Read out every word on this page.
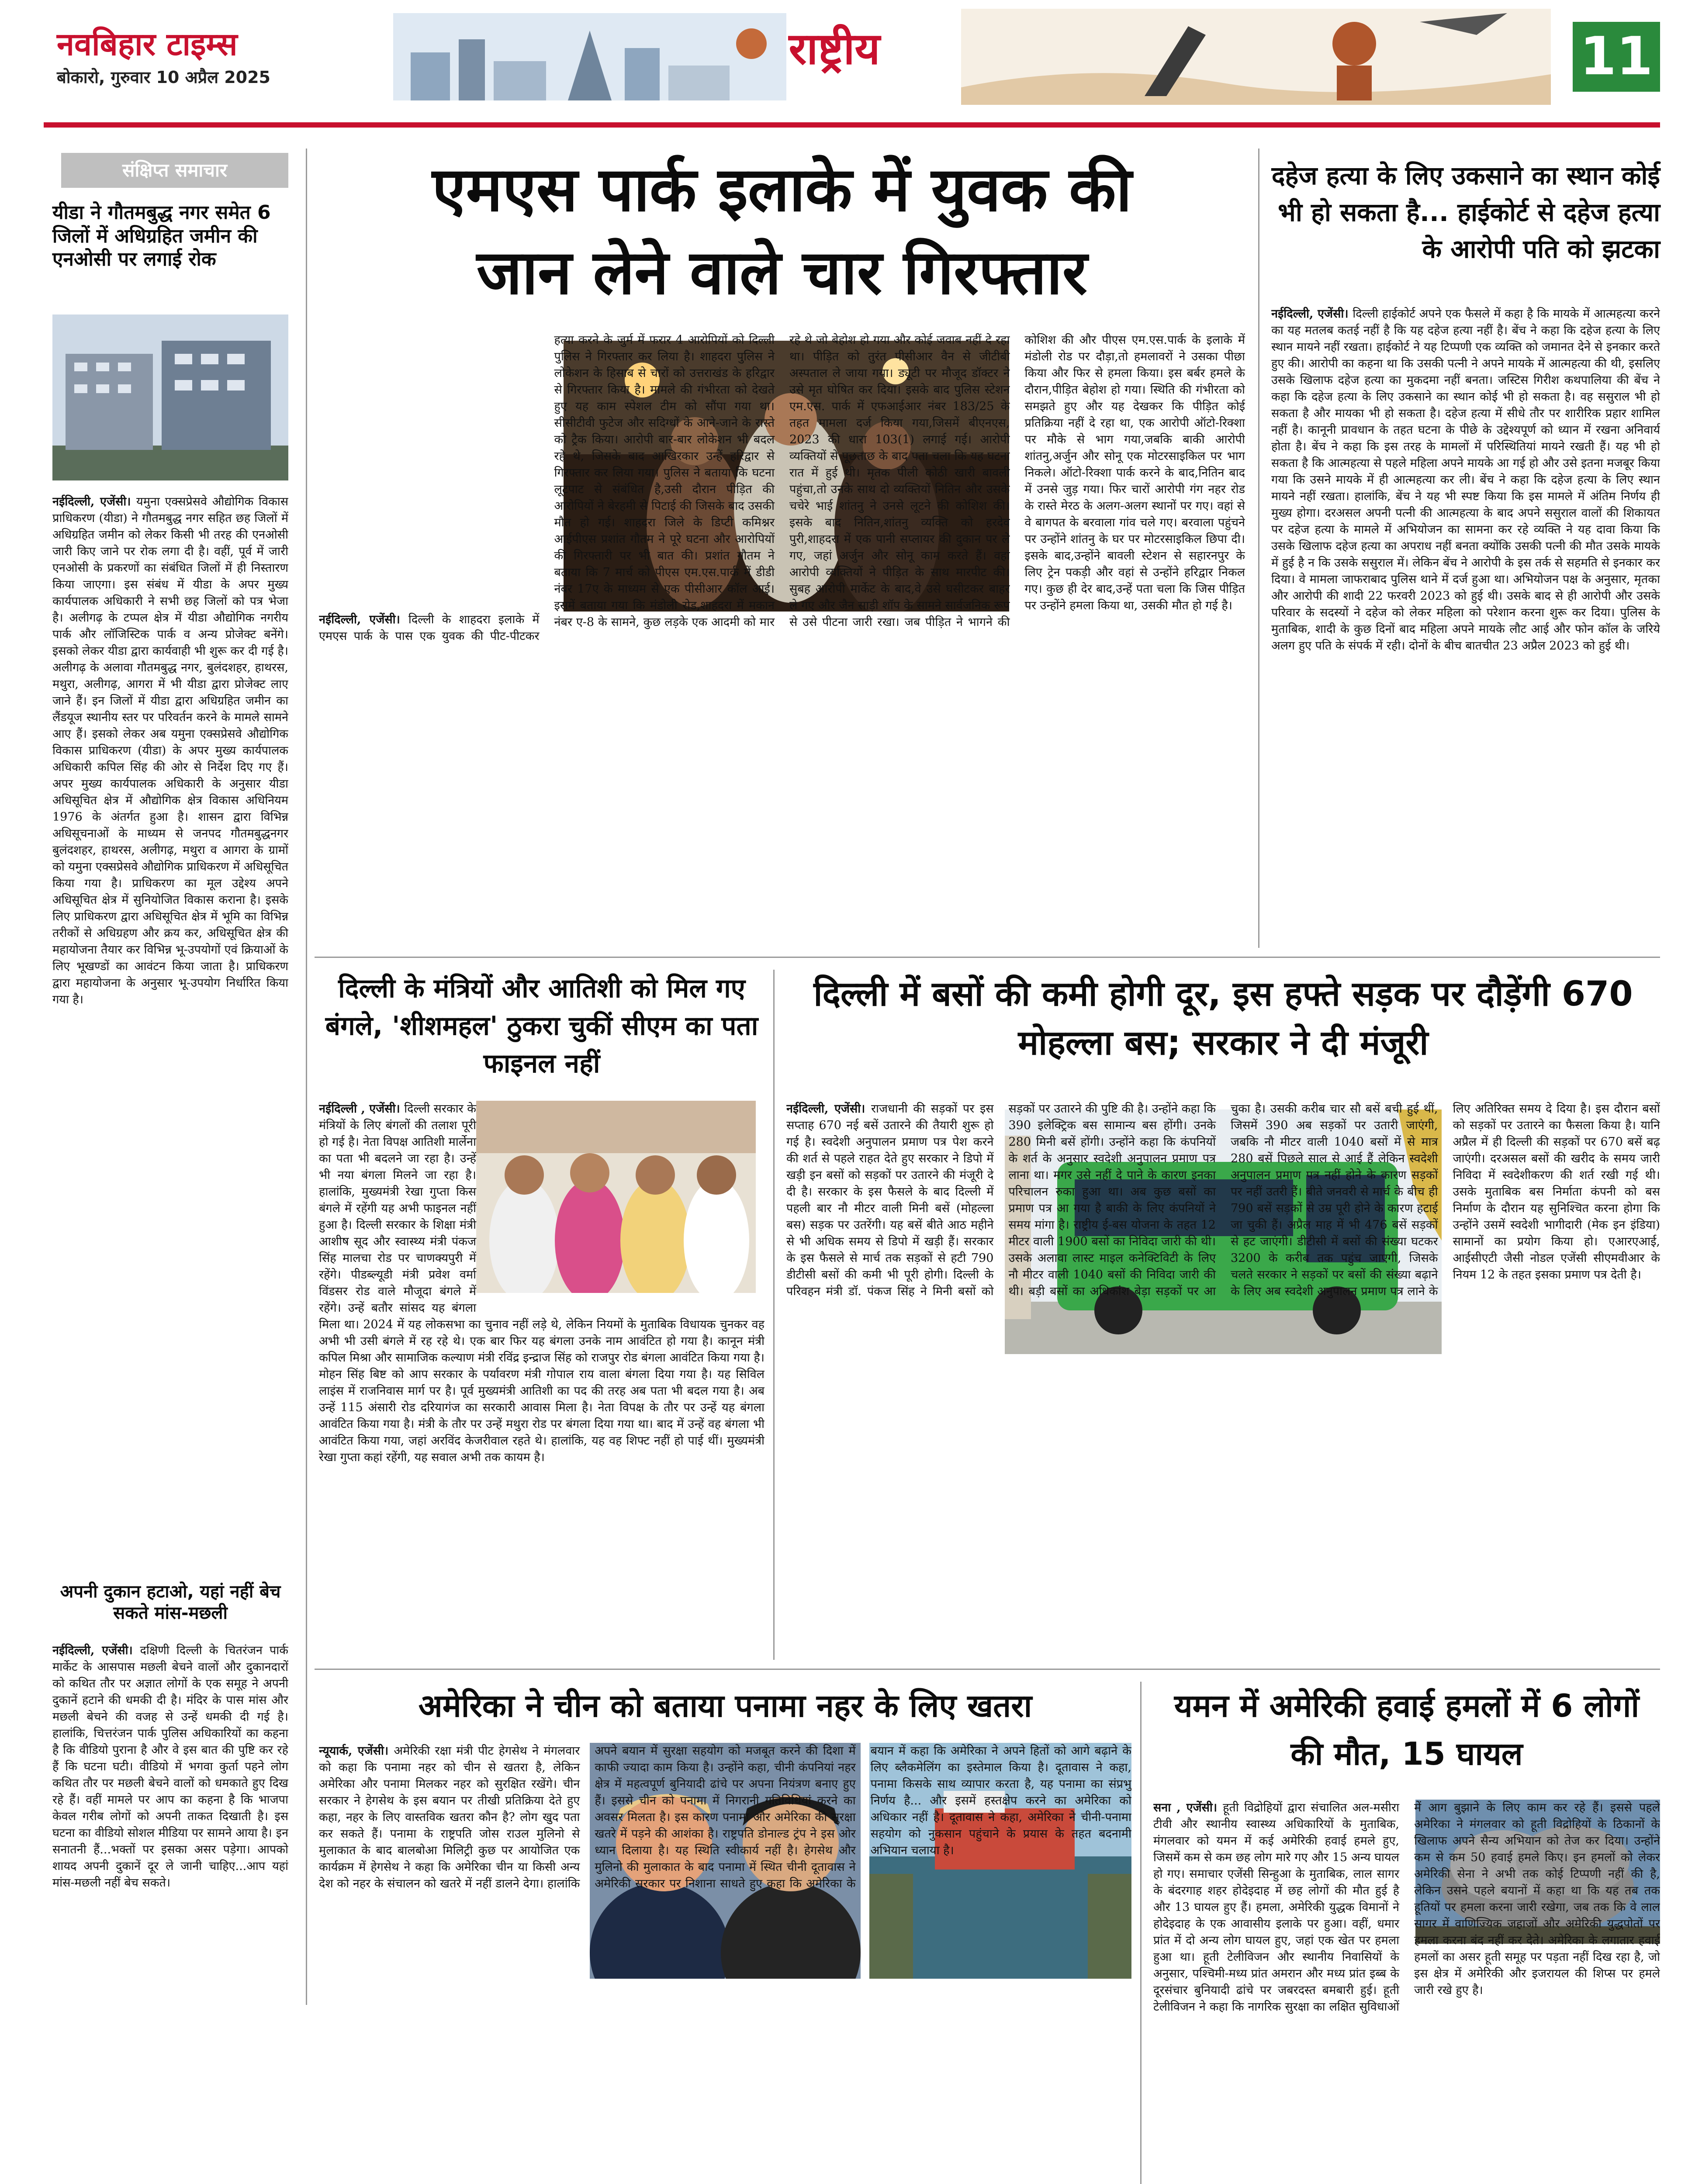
नवबिहार टाइम्स
बोकारो, गुरुवार 10 अप्रैल 2025
राष्ट्रीय	11
संक्षिप्त समाचार
यीडा ने गौतमबुद्ध नगर समेत 6 जिलों में अधिग्रहित जमीन की एनओसी पर लगाई रोक
नईदिल्ली, एजेंसी। यमुना एक्सप्रेसवे औद्योगिक विकास प्राधिकरण (यीडा) ने गौतमबुद्ध नगर सहित छह जिलों में अधिग्रहित जमीन को लेकर किसी भी तरह की एनओसी जारी किए जाने पर रोक लगा दी है। वहीं, पूर्व में जारी एनओसी के प्रकरणों का संबंधित जिलों में ही निस्तारण किया जाएगा। इस संबंध में यीडा के अपर मुख्य कार्यपालक अधिकारी ने सभी छह जिलों को पत्र भेजा है। अलीगढ़ के टप्पल क्षेत्र में यीडा औद्योगिक नगरीय पार्क और लॉजिस्टिक पार्क व अन्य प्रोजेक्ट बनेंगे। इसको लेकर यीडा द्वारा कार्यवाही भी शुरू कर दी गई है। अलीगढ़ के अलावा गौतमबुद्ध नगर, बुलंदशहर, हाथरस, मथुरा, अलीगढ़, आगरा में भी यीडा द्वारा प्रोजेक्ट लाए जाने हैं। इन जिलों में यीडा द्वारा अधिग्रहित जमीन का लैंडयूज स्थानीय स्तर पर परिवर्तन करने के मामले सामने आए हैं। इसको लेकर अब यमुना एक्सप्रेसवे औद्योगिक विकास प्राधिकरण (यीडा) के अपर मुख्य कार्यपालक अधिकारी कपिल सिंह की ओर से निर्देश दिए गए हैं। अपर मुख्य कार्यपालक अधिकारी के अनुसार यीडा अधिसूचित क्षेत्र में औद्योगिक क्षेत्र विकास अधिनियम 1976 के अंतर्गत हुआ है। शासन द्वारा विभिन्न अधिसूचनाओं के माध्यम से जनपद गौतमबुद्धनगर बुलंदशहर, हाथरस, अलीगढ़, मथुरा व आगरा के ग्रामों को यमुना एक्सप्रेसवे औद्योगिक प्राधिकरण में अधिसूचित किया गया है। प्राधिकरण का मूल उद्देश्य अपने अधिसूचित क्षेत्र में सुनियोजित विकास कराना है। इसके लिए प्राधिकरण द्वारा अधिसूचित क्षेत्र में भूमि का विभिन्न तरीकों से अधिग्रहण और क्रय कर, अधिसूचित क्षेत्र की महायोजना तैयार कर विभिन्न भू-उपयोगों एवं क्रियाओं के लिए भूखण्डों का आवंटन किया जाता है। प्राधिकरण द्वारा महायोजना के अनुसार भू-उपयोग निर्धारित किया गया है।
अपनी दुकान हटाओ, यहां नहीं बेच सकते मांस-मछली
नईदिल्ली, एजेंसी। दक्षिणी दिल्ली के चितरंजन पार्क मार्केट के आसपास मछली बेचने वालों और दुकानदारों को कथित तौर पर अज्ञात लोगों के एक समूह ने अपनी दुकानें हटाने की धमकी दी है। मंदिर के पास मांस और मछली बेचने की वजह से उन्हें धमकी दी गई है। हालांकि, चित्तरंजन पार्क पुलिस अधिकारियों का कहना है कि वीडियो पुराना है और वे इस बात की पुष्टि कर रहे हैं कि घटना घटी। वीडियो में भगवा कुर्ता पहने लोग कथित तौर पर मछली बेचने वालों को धमकाते हुए दिख रहे हैं। वहीं मामले पर आप का कहना है कि भाजपा केवल गरीब लोगों को अपनी ताकत दिखाती है। इस घटना का वीडियो सोशल मीडिया पर सामने आया है। इन सनातनी हैं...भक्तों पर इसका असर पड़ेगा। आपको शायद अपनी दुकानें दूर ले जानी चाहिए...आप यहां मांस-मछली नहीं बेच सकते।
एमएस पार्क इलाके में युवक की
जान लेने वाले चार गिरफ्तार
नईदिल्ली, एजेंसी। दिल्ली के शाहदरा इलाके में एमएस पार्क के पास एक युवक की पीट-पीटकर हत्या करने के जुर्म में फरार 4 आरोपियों को दिल्ली पुलिस ने गिरफ्तार कर लिया है। शाहदरा पुलिस ने लोकेशन के हिसाब से चारों को उत्तराखंड के हरिद्वार से गिरफ्तार किया है। मामले की गंभीरता को देखते हुए यह काम स्पेशल टीम को सौंपा गया था। सीसीटीवी फुटेज और सदिग्धों के आने-जाने के रास्ते को ट्रैक किया। आरोपी बार-बार लोकेशन भी बदल रहे थे, जिसके बाद आखिरकार उन्हें हरिद्वार से गिरफ्तार कर लिया गया। पुलिस ने बताया कि घटना लूटपाट से संबंधित है,उसी दौरान पीड़ित की आरोपियों ने बेरहमी से पिटाई की जिसके बाद उसकी मौत हो गई। शाहदरा जिले के डिप्टी कमिश्नर आईपीएस प्रशांत गौतम ने पूरे घटना और आरोपियों की गिरफ्तारी पर भी बात की। प्रशांत गौतम ने बताया कि 7 मार्च को पीएस एम.एस.पार्क में डीडी नंबर 17ए के माध्यम से एक पीसीआर कॉल आई। इसमें बताया गया कि मंडोली रोड,शाहदरा में मकान नंबर ए-8 के सामने, कुछ लड़के एक आदमी को मार रहे थे जो बेहोश हो गया और कोई जवाब नहीं दे रहा था। पीड़ित को तुरंत पीसीआर वैन से जीटीबी अस्पताल ले जाया गया। ड्यूटी पर मौजूद डॉक्टर ने उसे मृत घोषित कर दिया। इसके बाद पुलिस स्टेशन एम.एस. पार्क में एफआईआर नंबर 183/25 के तहत मामला दर्ज किया गया,जिसमें बीएनएस, 2023 की धारा 103(1) लगाई गई। आरोपी व्यक्तियों से पूछताछ के बाद पता चला कि यह घटना रात में हुई थी। मृतक पीली कोठी खारी बावली पहुंचा,तो उनके साथ दो व्यक्तियों नितिन और उसके चचेरे भाई शांतनु ने उनसे लूटने की कोशिश की। इसके बाद नितिन,शांतनु व्यक्ति को हरदेव पुरी,शाहदरा में एक पानी सप्लायर की दुकान पर ले गए, जहां अर्जुन और सोनू काम करते हैं। वहां आरोपी व्यक्तियों ने पीड़ित के साथ मारपीट की। सुबह आरोपी मार्केट के बाद,वे उसे घसीटकर बाहर ले गए और जैन साड़ी शॉप के सामने सार्वजनिक रूप से उसे पीटना जारी रखा। जब पीड़ित ने भागने की कोशिश की और पीएस एम.एस.पार्क के इलाके में मंडोली रोड पर दौड़ा,तो हमलावरों ने उसका पीछा किया और फिर से हमला किया। इस बर्बर हमले के दौरान,पीड़ित बेहोश हो गया। स्थिति की गंभीरता को समझते हुए और यह देखकर कि पीड़ित कोई प्रतिक्रिया नहीं दे रहा था, एक आरोपी ऑटो-रिक्शा पर मौके से भाग गया,जबकि बाकी आरोपी शांतनु,अर्जुन और सोनू एक मोटरसाइकिल पर भाग निकले। ऑटो-रिक्शा पार्क करने के बाद,नितिन बाद में उनसे जुड़ गया। फिर चारों आरोपी गंग नहर रोड के रास्ते मेरठ के अलग-अलग स्थानों पर गए। वहां से वे बागपत के बरवाला गांव चले गए। बरवाला पहुंचने पर उन्होंने शांतनु के घर पर मोटरसाइकिल छिपा दी। इसके बाद,उन्होंने बावली स्टेशन से सहारनपुर के लिए ट्रेन पकड़ी और वहां से उन्होंने हरिद्वार निकल गए। कुछ ही देर बाद,उन्हें पता चला कि जिस पीड़ित पर उन्होंने हमला किया था, उसकी मौत हो गई है।
दहेज हत्या के लिए उकसाने का स्थान कोई भी हो सकता है... हाईकोर्ट से दहेज हत्या के आरोपी पति को झटका
नईदिल्ली, एजेंसी। दिल्ली हाईकोर्ट अपने एक फैसले में कहा है कि मायके में आत्महत्या करने का यह मतलब कतई नहीं है कि यह दहेज हत्या नहीं है। बेंच ने कहा कि दहेज हत्या के लिए स्थान मायने नहीं रखता। हाईकोर्ट ने यह टिप्पणी एक व्यक्ति को जमानत देने से इनकार करते हुए की। आरोपी का कहना था कि उसकी पत्नी ने अपने मायके में आत्महत्या की थी, इसलिए उसके खिलाफ दहेज हत्या का मुकदमा नहीं बनता। जस्टिस गिरीश कथपालिया की बेंच ने कहा कि दहेज हत्या के लिए उकसाने का स्थान कोई भी हो सकता है। वह ससुराल भी हो सकता है और मायका भी हो सकता है। दहेज हत्या में सीधे तौर पर शारीरिक प्रहार शामिल नहीं है। कानूनी प्रावधान के तहत घटना के पीछे के उद्देश्यपूर्ण को ध्यान में रखना अनिवार्य होता है। बेंच ने कहा कि इस तरह के मामलों में परिस्थितियां मायने रखती हैं। यह भी हो सकता है कि आत्महत्या से पहले महिला अपने मायके आ गई हो और उसे इतना मजबूर किया गया कि उसने मायके में ही आत्महत्या कर ली। बेंच ने कहा कि दहेज हत्या के लिए स्थान मायने नहीं रखता। हालांकि, बेंच ने यह भी स्पष्ट किया कि इस मामले में अंतिम निर्णय ही मुख्य होगा। दरअसल अपनी पत्नी की आत्महत्या के बाद अपने ससुराल वालों की शिकायत पर दहेज हत्या के मामले में अभियोजन का सामना कर रहे व्यक्ति ने यह दावा किया कि उसके खिलाफ दहेज हत्या का अपराध नहीं बनता क्योंकि उसकी पत्नी की मौत उसके मायके में हुई है न कि उसके ससुराल में। लेकिन बेंच ने आरोपी के इस तर्क से सहमति से इनकार कर दिया। वे मामला जाफराबाद पुलिस थाने में दर्ज हुआ था। अभियोजन पक्ष के अनुसार, मृतका और आरोपी की शादी 22 फरवरी 2023 को हुई थी। उसके बाद से ही आरोपी और उसके परिवार के सदस्यों ने दहेज को लेकर महिला को परेशान करना शुरू कर दिया। पुलिस के मुताबिक, शादी के कुछ दिनों बाद महिला अपने मायके लौट आई और फोन कॉल के जरिये अलग हुए पति के संपर्क में रही। दोनों के बीच बातचीत 23 अप्रैल 2023 को हुई थी।
दिल्ली के मंत्रियों और आतिशी को मिल गए बंगले, 'शीशमहल' ठुकरा चुकीं सीएम का पता फाइनल नहीं
नईदिल्ली , एजेंसी। दिल्ली सरकार के मंत्रियों के लिए बंगलों की तलाश पूरी हो गई है। नेता विपक्ष आतिशी मार्लेना का पता भी बदलने जा रहा है। उन्हें भी नया बंगला मिलने जा रहा है। हालांकि, मुख्यमंत्री रेखा गुप्ता किस बंगले में रहेंगी यह अभी फाइनल नहीं हुआ है। दिल्ली सरकार के शिक्षा मंत्री आशीष सूद और स्वास्थ्य मंत्री पंकज सिंह मालचा रोड पर चाणक्यपुरी में रहेंगे। पीडब्ल्यूडी मंत्री प्रवेश वर्मा विंडसर रोड वाले मौजूदा बंगले में रहेंगे। उन्हें बतौर सांसद यह बंगला मिला था। 2024 में यह लोकसभा का चुनाव नहीं लड़े थे, लेकिन नियमों के मुताबिक विधायक चुनकर वह अभी भी उसी बंगले में रह रहे थे। एक बार फिर यह बंगला उनके नाम आवंटित हो गया है। कानून मंत्री कपिल मिश्रा और सामाजिक कल्याण मंत्री रविंद्र इन्द्राज सिंह को राजपुर रोड बंगला आवंटित किया गया है। मोहन सिंह बिष्ट को आप सरकार के पर्यावरण मंत्री गोपाल राय वाला बंगला दिया गया है। यह सिविल लाइंस में राजनिवास मार्ग पर है। पूर्व मुख्यमंत्री आतिशी का पद की तरह अब पता भी बदल गया है। अब उन्हें 115 अंसारी रोड दरियागंज का सरकारी आवास मिला है। नेता विपक्ष के तौर पर उन्हें यह बंगला आवंटित किया गया है। मंत्री के तौर पर उन्हें मथुरा रोड पर बंगला दिया गया था। बाद में उन्हें वह बंगला भी आवंटित किया गया, जहां अरविंद केजरीवाल रहते थे। हालांकि, यह वह शिफ्ट नहीं हो पाई थीं। मुख्यमंत्री रेखा गुप्ता कहां रहेंगी, यह सवाल अभी तक कायम है।
दिल्ली में बसों की कमी होगी दूर, इस हफ्ते सड़क पर दौड़ेंगी 670 मोहल्ला बस; सरकार ने दी मंजूरी
नईदिल्ली, एजेंसी। राजधानी की सड़कों पर इस सप्ताह 670 नई बसें उतारने की तैयारी शुरू हो गई है। स्वदेशी अनुपालन प्रमाण पत्र पेश करने की शर्त से पहले राहत देते हुए सरकार ने डिपो में खड़ी इन बसों को सड़कों पर उतारने की मंजूरी दे दी है। सरकार के इस फैसले के बाद दिल्ली में पहली बार नौ मीटर वाली मिनी बसें (मोहल्ला बस) सड़क पर उतरेंगी। यह बसें बीते आठ महीने से भी अधिक समय से डिपो में खड़ी हैं। सरकार के इस फैसले से मार्च तक सड़कों से हटी 790 डीटीसी बसों की कमी भी पूरी होगी। दिल्ली के परिवहन मंत्री डॉ. पंकज सिंह ने मिनी बसों को सड़कों पर उतारने की पुष्टि की है। उन्होंने कहा कि 390 इलेक्ट्रिक बस सामान्य बस होंगी। उनके 280 मिनी बसें होंगी। उन्होंने कहा कि कंपनियों के शर्त के अनुसार स्वदेशी अनुपालन प्रमाण पत्र लाना था। मगर उसे नहीं दे पाने के कारण इनका परिचालन रुका हुआ था। अब कुछ बसों का प्रमाण पत्र आ गया है बाकी के लिए कंपनियों ने समय मांगा है। राष्ट्रीय ई-बस योजना के तहत 12 मीटर वाली 1900 बसों का निविदा जारी की थी। उसके अलावा लास्ट माइल कनेक्टिविटी के लिए नौ मीटर वाली 1040 बसों की निविदा जारी की थी। बड़ी बसों का अधिकांश बेड़ा सड़कों पर आ चुका है। उसकी करीब चार सौ बसें बची हुई थीं, जिसमें 390 अब सड़कों पर उतारी जाएंगी, जबकि नौ मीटर वाली 1040 बसों में से मात्र 280 बसें पिछले साल से आई हैं लेकिन स्वदेशी अनुपालन प्रमाण पत्र नहीं होने के कारण सड़कों पर नहीं उतरी हैं। बीते जनवरी से मार्च के बीच ही 790 बसें सड़कों से उम्र पूरी होने के कारण हटाई जा चुकी हैं। अप्रैल माह में भी 476 बसें सड़कों से हट जाएंगी। डीटीसी में बसों की संख्या घटकर 3200 के करीब तक पहुंच जाएगी, जिसके चलते सरकार ने सड़कों पर बसों की संख्या बढ़ाने के लिए अब स्वदेशी अनुपालन प्रमाण पत्र लाने के लिए अतिरिक्त समय दे दिया है। इस दौरान बसों को सड़कों पर उतारने का फैसला किया है। यानि अप्रैल में ही दिल्ली की सड़कों पर 670 बसें बढ़ जाएंगी। दरअसल बसों की खरीद के समय जारी निविदा में स्वदेशीकरण की शर्त रखी गई थी। उसके मुताबिक बस निर्माता कंपनी को बस निर्माण के दौरान यह सुनिश्चित करना होगा कि उन्होंने उसमें स्वदेशी भागीदारी (मेक इन इंडिया) सामानों का प्रयोग किया हो। एआरएआई, आईसीएटी जैसी नोडल एजेंसी सीएमवीआर के नियम 12 के तहत इसका प्रमाण पत्र देती है।
अमेरिका ने चीन को बताया पनामा नहर के लिए खतरा
न्यूयार्क, एजेंसी। अमेरिकी रक्षा मंत्री पीट हेगसेथ ने मंगलवार को कहा कि पनामा नहर को चीन से खतरा है, लेकिन अमेरिका और पनामा मिलकर नहर को सुरक्षित रखेंगे। चीन सरकार ने हेगसेथ के इस बयान पर तीखी प्रतिक्रिया देते हुए कहा, नहर के लिए वास्तविक खतरा कौन है? लोग खुद पता कर सकते हैं। पनामा के राष्ट्रपति जोस राउल मुलिनो से मुलाकात के बाद बालबोआ मिलिट्री कुछ पर आयोजित एक कार्यक्रम में हेगसेथ ने कहा कि अमेरिका चीन या किसी अन्य देश को नहर के संचालन को खतरे में नहीं डालने देगा। हालांकि अपने बयान में सुरक्षा सहयोग को मजबूत करने की दिशा में काफी ज्यादा काम किया है। उन्होंने कहा, चीनी कंपनियां नहर क्षेत्र में महत्वपूर्ण बुनियादी ढांचे पर अपना नियंत्रण बनाए हुए हैं। इससे चीन को पनामा में निगरानी गतिविधियां करने का अवसर मिलता है। इस कारण पनामा और अमेरिका की सुरक्षा खतरे में पड़ने की आशंका है। राष्ट्रपति डोनाल्ड ट्रंप ने इस ओर ध्यान दिलाया है। यह स्थिति स्वीकार्य नहीं है। हेगसेथ और मुलिनो की मुलाकात के बाद पनामा में स्थित चीनी दूतावास ने अमेरिकी सरकार पर निशाना साधते हुए कहा कि अमेरिका के बयान में कहा कि अमेरिका ने अपने हितों को आगे बढ़ाने के लिए ब्लैकमेलिंग का इस्तेमाल किया है। दूतावास ने कहा, पनामा किसके साथ व्यापार करता है, यह पनामा का संप्रभु निर्णय है... और इसमें हस्तक्षेप करने का अमेरिका को अधिकार नहीं है। दूतावास ने कहा, अमेरिका ने चीनी-पनामा सहयोग को नुकसान पहुंचाने के प्रयास के तहत बदनामी अभियान चलाया है।
यमन में अमेरिकी हवाई हमलों में 6 लोगों की मौत, 15 घायल
सना , एजेंसी। हूती विद्रोहियों द्वारा संचालित अल-मसीरा टीवी और स्थानीय स्वास्थ्य अधिकारियों के मुताबिक, मंगलवार को यमन में कई अमेरिकी हवाई हमले हुए, जिसमें कम से कम छह लोग मारे गए और 15 अन्य घायल हो गए। समाचार एजेंसी सिन्हुआ के मुताबिक, लाल सागर के बंदरगाह शहर होदेइदाह में छह लोगों की मौत हुई है और 13 घायल हुए हैं। हमला, अमेरिकी युद्धक विमानों ने होदेइदाह के एक आवासीय इलाके पर हुआ। वहीं, धमार प्रांत में दो अन्य लोग घायल हुए, जहां एक खेत पर हमला हुआ था। हूती टेलीविजन और स्थानीय निवासियों के अनुसार, पश्चिमी-मध्य प्रांत अमरान और मध्य प्रांत इब्ब के दूरसंचार बुनियादी ढांचे पर जबरदस्त बमबारी हुई। हूती टेलीविजन ने कहा कि नागरिक सुरक्षा का लक्षित सुविधाओं में आग बुझाने के लिए काम कर रहे हैं। इससे पहले अमेरिका ने मंगलवार को हूती विद्रोहियों के ठिकानों के खिलाफ अपने सैन्य अभियान को तेज कर दिया। उन्होंने कम से कम 50 हवाई हमले किए। इन हमलों को लेकर अमेरिकी सेना ने अभी तक कोई टिप्पणी नहीं की है, लेकिन उसने पहले बयानों में कहा था कि यह तब तक हूतियों पर हमला करना जारी रखेगा, जब तक कि वे लाल सागर में वाणिज्यिक जहाजों और अमेरिकी युद्धपोतों पर हमला करना बंद नहीं कर देते। अमेरिका के लगातार हवाई हमलों का असर हूती समूह पर पड़ता नहीं दिख रहा है, जो इस क्षेत्र में अमेरिकी और इजरायल की शिप्स पर हमले जारी रखे हुए है।
